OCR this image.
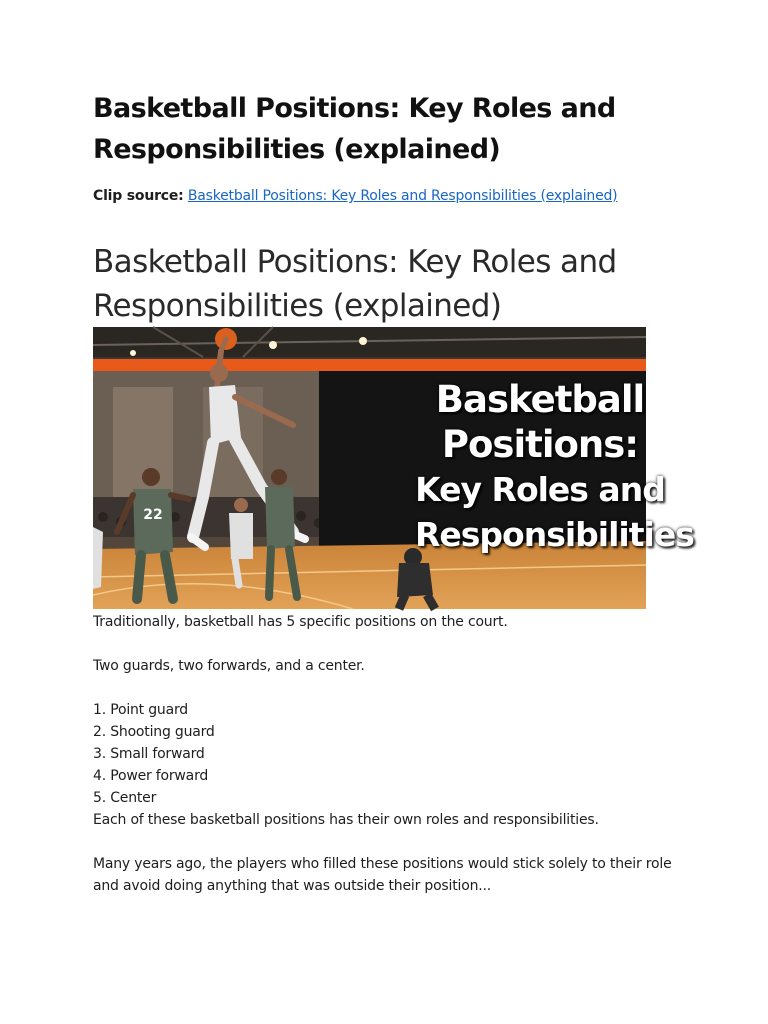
Basketball Positions: Key Roles and Responsibilities (explained)
Clip source: Basketball Positions: Key Roles and Responsibilities (explained)
Basketball Positions: Key Roles and Responsibilities (explained)
22
Basketball
Positions:
Key Roles and
Responsibilities

Traditionally, basketball has 5 specific positions on the court.

Two guards, two forwards, and a center.

1. Point guard
2. Shooting guard
3. Small forward
4. Power forward
5. Center

Each of these basketball positions has their own roles and responsibilities.

Many years ago, the players who filled these positions would stick solely to their role

and avoid doing anything that was outside their position...
